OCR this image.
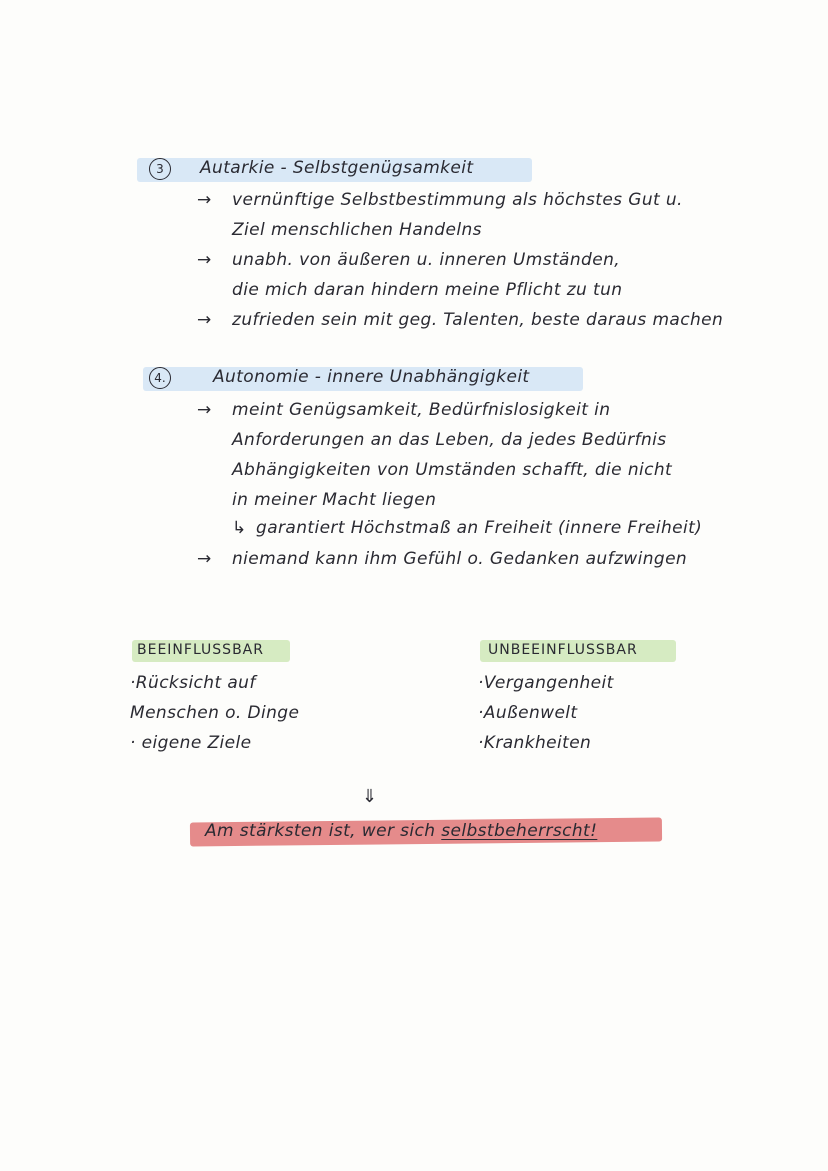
3	Autarkie - Selbstgenügsamkeit
→ vernünftige Selbstbestimmung als höchstes Gut u.
Ziel menschlichen Handelns
→ unabh. von äußeren u. inneren Umständen,
die mich daran hindern meine Pflicht zu tun
→ zufrieden sein mit geg. Talenten, beste daraus machen
4.	Autonomie - innere Unabhängigkeit
→ meint Genügsamkeit, Bedürfnislosigkeit in
Anforderungen an das Leben, da jedes Bedürfnis
Abhängigkeiten von Umständen schafft, die nicht
in meiner Macht liegen
↳ garantiert Höchstmaß an Freiheit (innere Freiheit)
→ niemand kann ihm Gefühl o. Gedanken aufzwingen
BEEINFLUSSBAR
·Rücksicht auf
Menschen o. Dinge
· eigene Ziele
UNBEEINFLUSSBAR
·Vergangenheit
·Außenwelt
·Krankheiten
⇓
Am stärksten ist, wer sich selbstbeherrscht!
